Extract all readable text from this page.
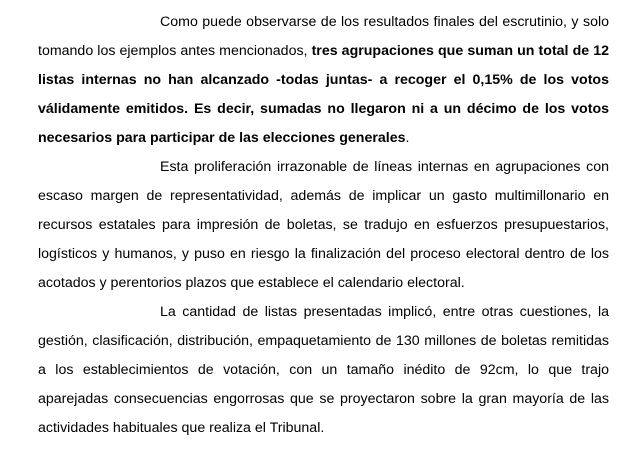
Como puede observarse de los resultados finales del escrutinio, y solo tomando los ejemplos antes mencionados, tres agrupaciones que suman un total de 12 listas internas no han alcanzado -todas juntas- a recoger el 0,15% de los votos válidamente emitidos. Es decir, sumadas no llegaron ni a un décimo de los votos necesarios para participar de las elecciones generales.

Esta proliferación irrazonable de líneas internas en agrupaciones con escaso margen de representatividad, además de implicar un gasto multimillonario en recursos estatales para impresión de boletas, se tradujo en esfuerzos presupuestarios, logísticos y humanos, y puso en riesgo la finalización del proceso electoral dentro de los acotados y perentorios plazos que establece el calendario electoral.

La cantidad de listas presentadas implicó, entre otras cuestiones, la gestión, clasificación, distribución, empaquetamiento de 130 millones de boletas remitidas a los establecimientos de votación, con un tamaño inédito de 92cm, lo que trajo aparejadas consecuencias engorrosas que se proyectaron sobre la gran mayoría de las actividades habituales que realiza el Tribunal.
